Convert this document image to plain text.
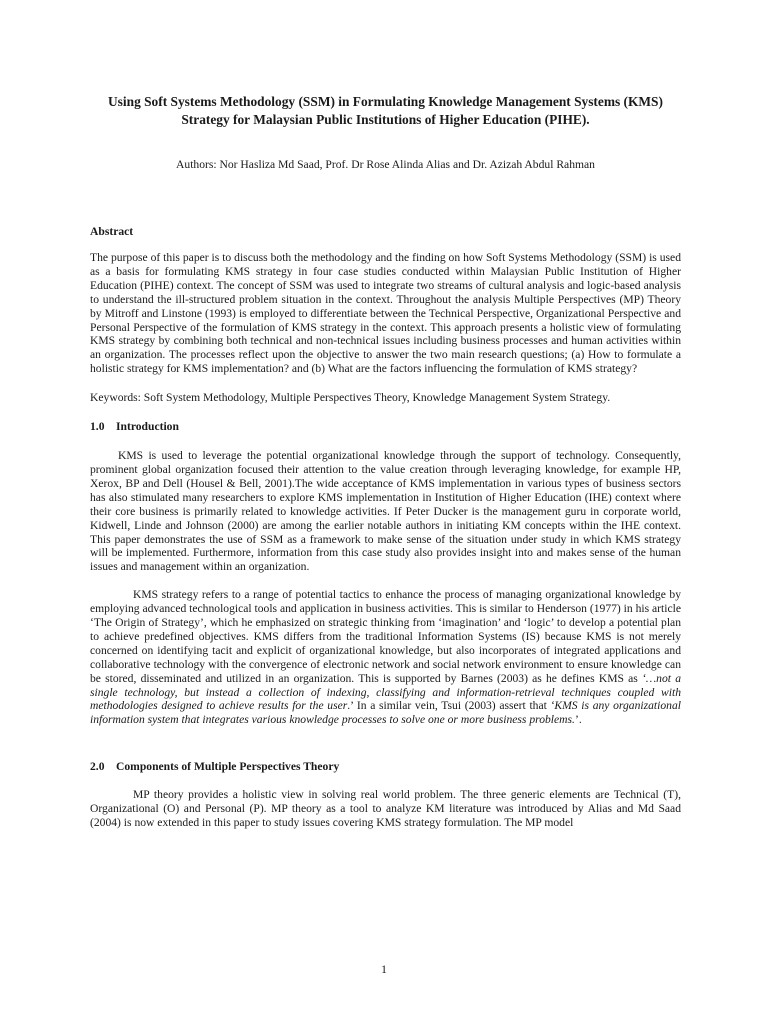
Using Soft Systems Methodology (SSM) in Formulating Knowledge Management Systems (KMS) Strategy for Malaysian Public Institutions of Higher Education (PIHE).

Authors: Nor Hasliza Md Saad, Prof. Dr Rose Alinda Alias and Dr. Azizah Abdul Rahman

Abstract

The purpose of this paper is to discuss both the methodology and the finding on how Soft Systems Methodology (SSM) is used as a basis for formulating KMS strategy in four case studies conducted within Malaysian Public Institution of Higher Education (PIHE) context. The concept of SSM was used to integrate two streams of cultural analysis and logic-based analysis to understand the ill-structured problem situation in the context. Throughout the analysis Multiple Perspectives (MP) Theory by Mitroff and Linstone (1993) is employed to differentiate between the Technical Perspective, Organizational Perspective and Personal Perspective of the formulation of KMS strategy in the context. This approach presents a holistic view of formulating KMS strategy by combining both technical and non-technical issues including business processes and human activities within an organization. The processes reflect upon the objective to answer the two main research questions; (a) How to formulate a holistic strategy for KMS implementation? and (b) What are the factors influencing the formulation of KMS strategy?

Keywords: Soft System Methodology, Multiple Perspectives Theory, Knowledge Management System Strategy.

1.0 Introduction

KMS is used to leverage the potential organizational knowledge through the support of technology. Consequently, prominent global organization focused their attention to the value creation through leveraging knowledge, for example HP, Xerox, BP and Dell (Housel & Bell, 2001).The wide acceptance of KMS implementation in various types of business sectors has also stimulated many researchers to explore KMS implementation in Institution of Higher Education (IHE) context where their core business is primarily related to knowledge activities. If Peter Ducker is the management guru in corporate world, Kidwell, Linde and Johnson (2000) are among the earlier notable authors in initiating KM concepts within the IHE context. This paper demonstrates the use of SSM as a framework to make sense of the situation under study in which KMS strategy will be implemented. Furthermore, information from this case study also provides insight into and makes sense of the human issues and management within an organization.

KMS strategy refers to a range of potential tactics to enhance the process of managing organizational knowledge by employing advanced technological tools and application in business activities. This is similar to Henderson (1977) in his article ‘The Origin of Strategy’, which he emphasized on strategic thinking from ‘imagination’ and ‘logic’ to develop a potential plan to achieve predefined objectives. KMS differs from the traditional Information Systems (IS) because KMS is not merely concerned on identifying tacit and explicit of organizational knowledge, but also incorporates of integrated applications and collaborative technology with the convergence of electronic network and social network environment to ensure knowledge can be stored, disseminated and utilized in an organization. This is supported by Barnes (2003) as he defines KMS as ‘…not a single technology, but instead a collection of indexing, classifying and information-retrieval techniques coupled with methodologies designed to achieve results for the user.’ In a similar vein, Tsui (2003) assert that ‘KMS is any organizational information system that integrates various knowledge processes to solve one or more business problems.’.

2.0 Components of Multiple Perspectives Theory

MP theory provides a holistic view in solving real world problem. The three generic elements are Technical (T), Organizational (O) and Personal (P). MP theory as a tool to analyze KM literature was introduced by Alias and Md Saad (2004) is now extended in this paper to study issues covering KMS strategy formulation. The MP model

1
